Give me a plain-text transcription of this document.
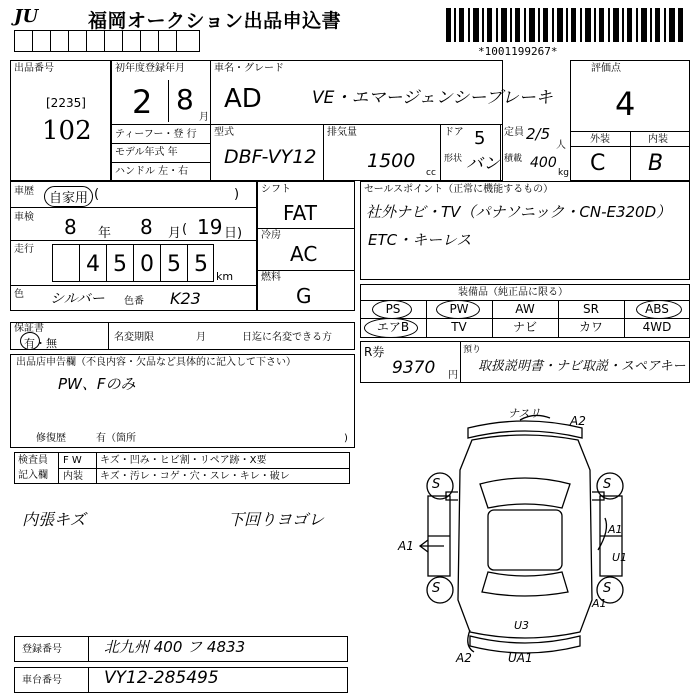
JU	福岡オークション出品申込書
*1001199267*
出品番号
[2235]
102
初年度登録年月
2 8
月
車名・グレード
AD	VE・エマージェンシーブレーキ
ティーフー・登 行
モデル年式 年
ハンドル 左・右
型式
DBF-VY12
排気量
1500
cc
ドア 5
形状 バン
定員 2/5
人
積載 400
kg
評価点
4
外装	内装
C B
車歴	(	)
自家用
車検 8 年 8 月 ( 19 日)
走行
4 5 0 5 5 km
色 シルバー 色番 K23
シフト
FAT
冷房
AC
燃料
G
セールスポイント（正常に機能するもの）
社外ナビ・TV（パナソニック・CN-E320D）
ETC・キーレス
装備品（純正品に限る）
PS	PW	AW	SR	ABS
エアB	TV	ナビ	カワ	4WD
保証書
有・無	名変期限	月	日迄に名変できる方
R券
9370 円
預り
取扱説明書・ナビ取説・スペアキー
出品店申告欄（不良内容・欠品など具体的に記入して下さい）
PW、Fのみ
修復歴	有（箇所	)
検査員
記入欄
F W キズ・凹み・ヒビ割・リペア跡・X要
内装 キズ・汚レ・コゲ・穴・スレ・キレ・破レ
内張キズ	下回りヨゴレ
登録番号	北九州 400 フ 4833
車台番号 VY12-285495
ナスリ
A2
A1
A1
U1
A1
S	S
S	S
U3
A2	UA1
